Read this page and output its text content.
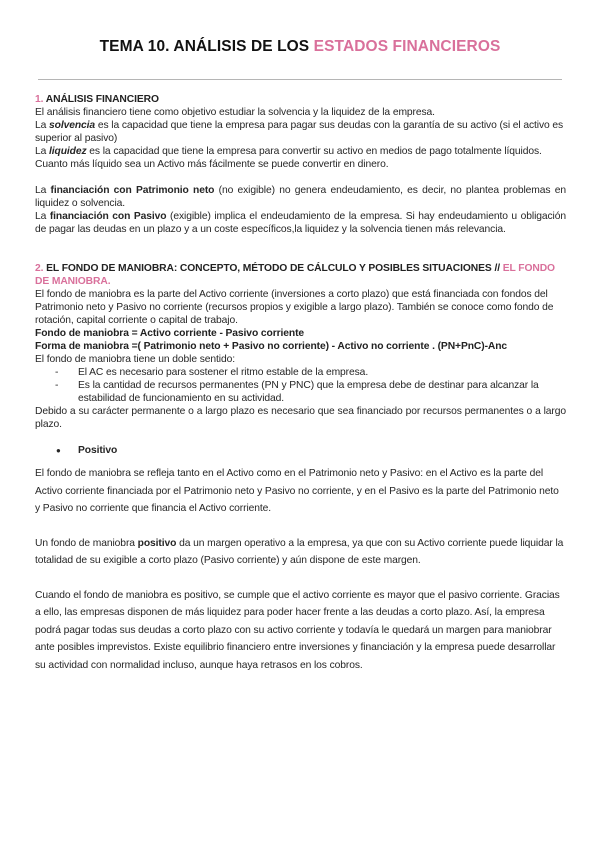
TEMA 10. ANÁLISIS DE LOS ESTADOS FINANCIEROS

1. ANÁLISIS FINANCIERO

El análisis financiero tiene como objetivo estudiar la solvencia y la liquidez de la empresa.

La solvencia es la capacidad que tiene la empresa para pagar sus deudas con la garantía de su activo (si el activo es superior al pasivo)

La liquidez es la capacidad que tiene la empresa para convertir su activo en medios de pago totalmente líquidos. Cuanto más líquido sea un Activo más fácilmente se puede convertir en dinero.

La financiación con Patrimonio neto (no exigible) no genera endeudamiento, es decir, no plantea problemas en liquidez o solvencia.

La financiación con Pasivo (exigible) implica el endeudamiento de la empresa. Si hay endeudamiento u obligación de pagar las deudas en un plazo y a un coste específicos,la liquidez y la solvencia tienen más relevancia.

2. EL FONDO DE MANIOBRA: CONCEPTO, MÉTODO DE CÁLCULO Y POSIBLES SITUACIONES // EL FONDO DE MANIOBRA.

El fondo de maniobra es la parte del Activo corriente (inversiones a corto plazo) que está financiada con fondos del Patrimonio neto y Pasivo no corriente (recursos propios y exigible a largo plazo). También se conoce como fondo de rotación, capital corriente o capital de trabajo.

Fondo de maniobra = Activo corriente - Pasivo corriente

Forma de maniobra =( Patrimonio neto + Pasivo no corriente) - Activo no corriente . (PN+PnC)-Anc

El fondo de maniobra tiene un doble sentido:

- El AC es necesario para sostener el ritmo estable de la empresa.
- Es la cantidad de recursos permanentes (PN y PNC) que la empresa debe de destinar para alcanzar la estabilidad de funcionamiento en su actividad.

Debido a su carácter permanente o a largo plazo es necesario que sea financiado por recursos permanentes o a largo plazo.

● Positivo

El fondo de maniobra se refleja tanto en el Activo como en el Patrimonio neto y Pasivo: en el Activo es la parte del Activo corriente financiada por el Patrimonio neto y Pasivo no corriente, y en el Pasivo es la parte del Patrimonio neto y Pasivo no corriente que financia el Activo corriente.

Un fondo de maniobra positivo da un margen operativo a la empresa, ya que con su Activo corriente puede liquidar la totalidad de su exigible a corto plazo (Pasivo corriente) y aún dispone de este margen.

Cuando el fondo de maniobra es positivo, se cumple que el activo corriente es mayor que el pasivo corriente. Gracias a ello, las empresas disponen de más liquidez para poder hacer frente a las deudas a corto plazo. Así, la empresa podrá pagar todas sus deudas a corto plazo con su activo corriente y todavía le quedará un margen para maniobrar ante posibles imprevistos. Existe equilibrio financiero entre inversiones y financiación y la empresa puede desarrollar su actividad con normalidad incluso, aunque haya retrasos en los cobros.
